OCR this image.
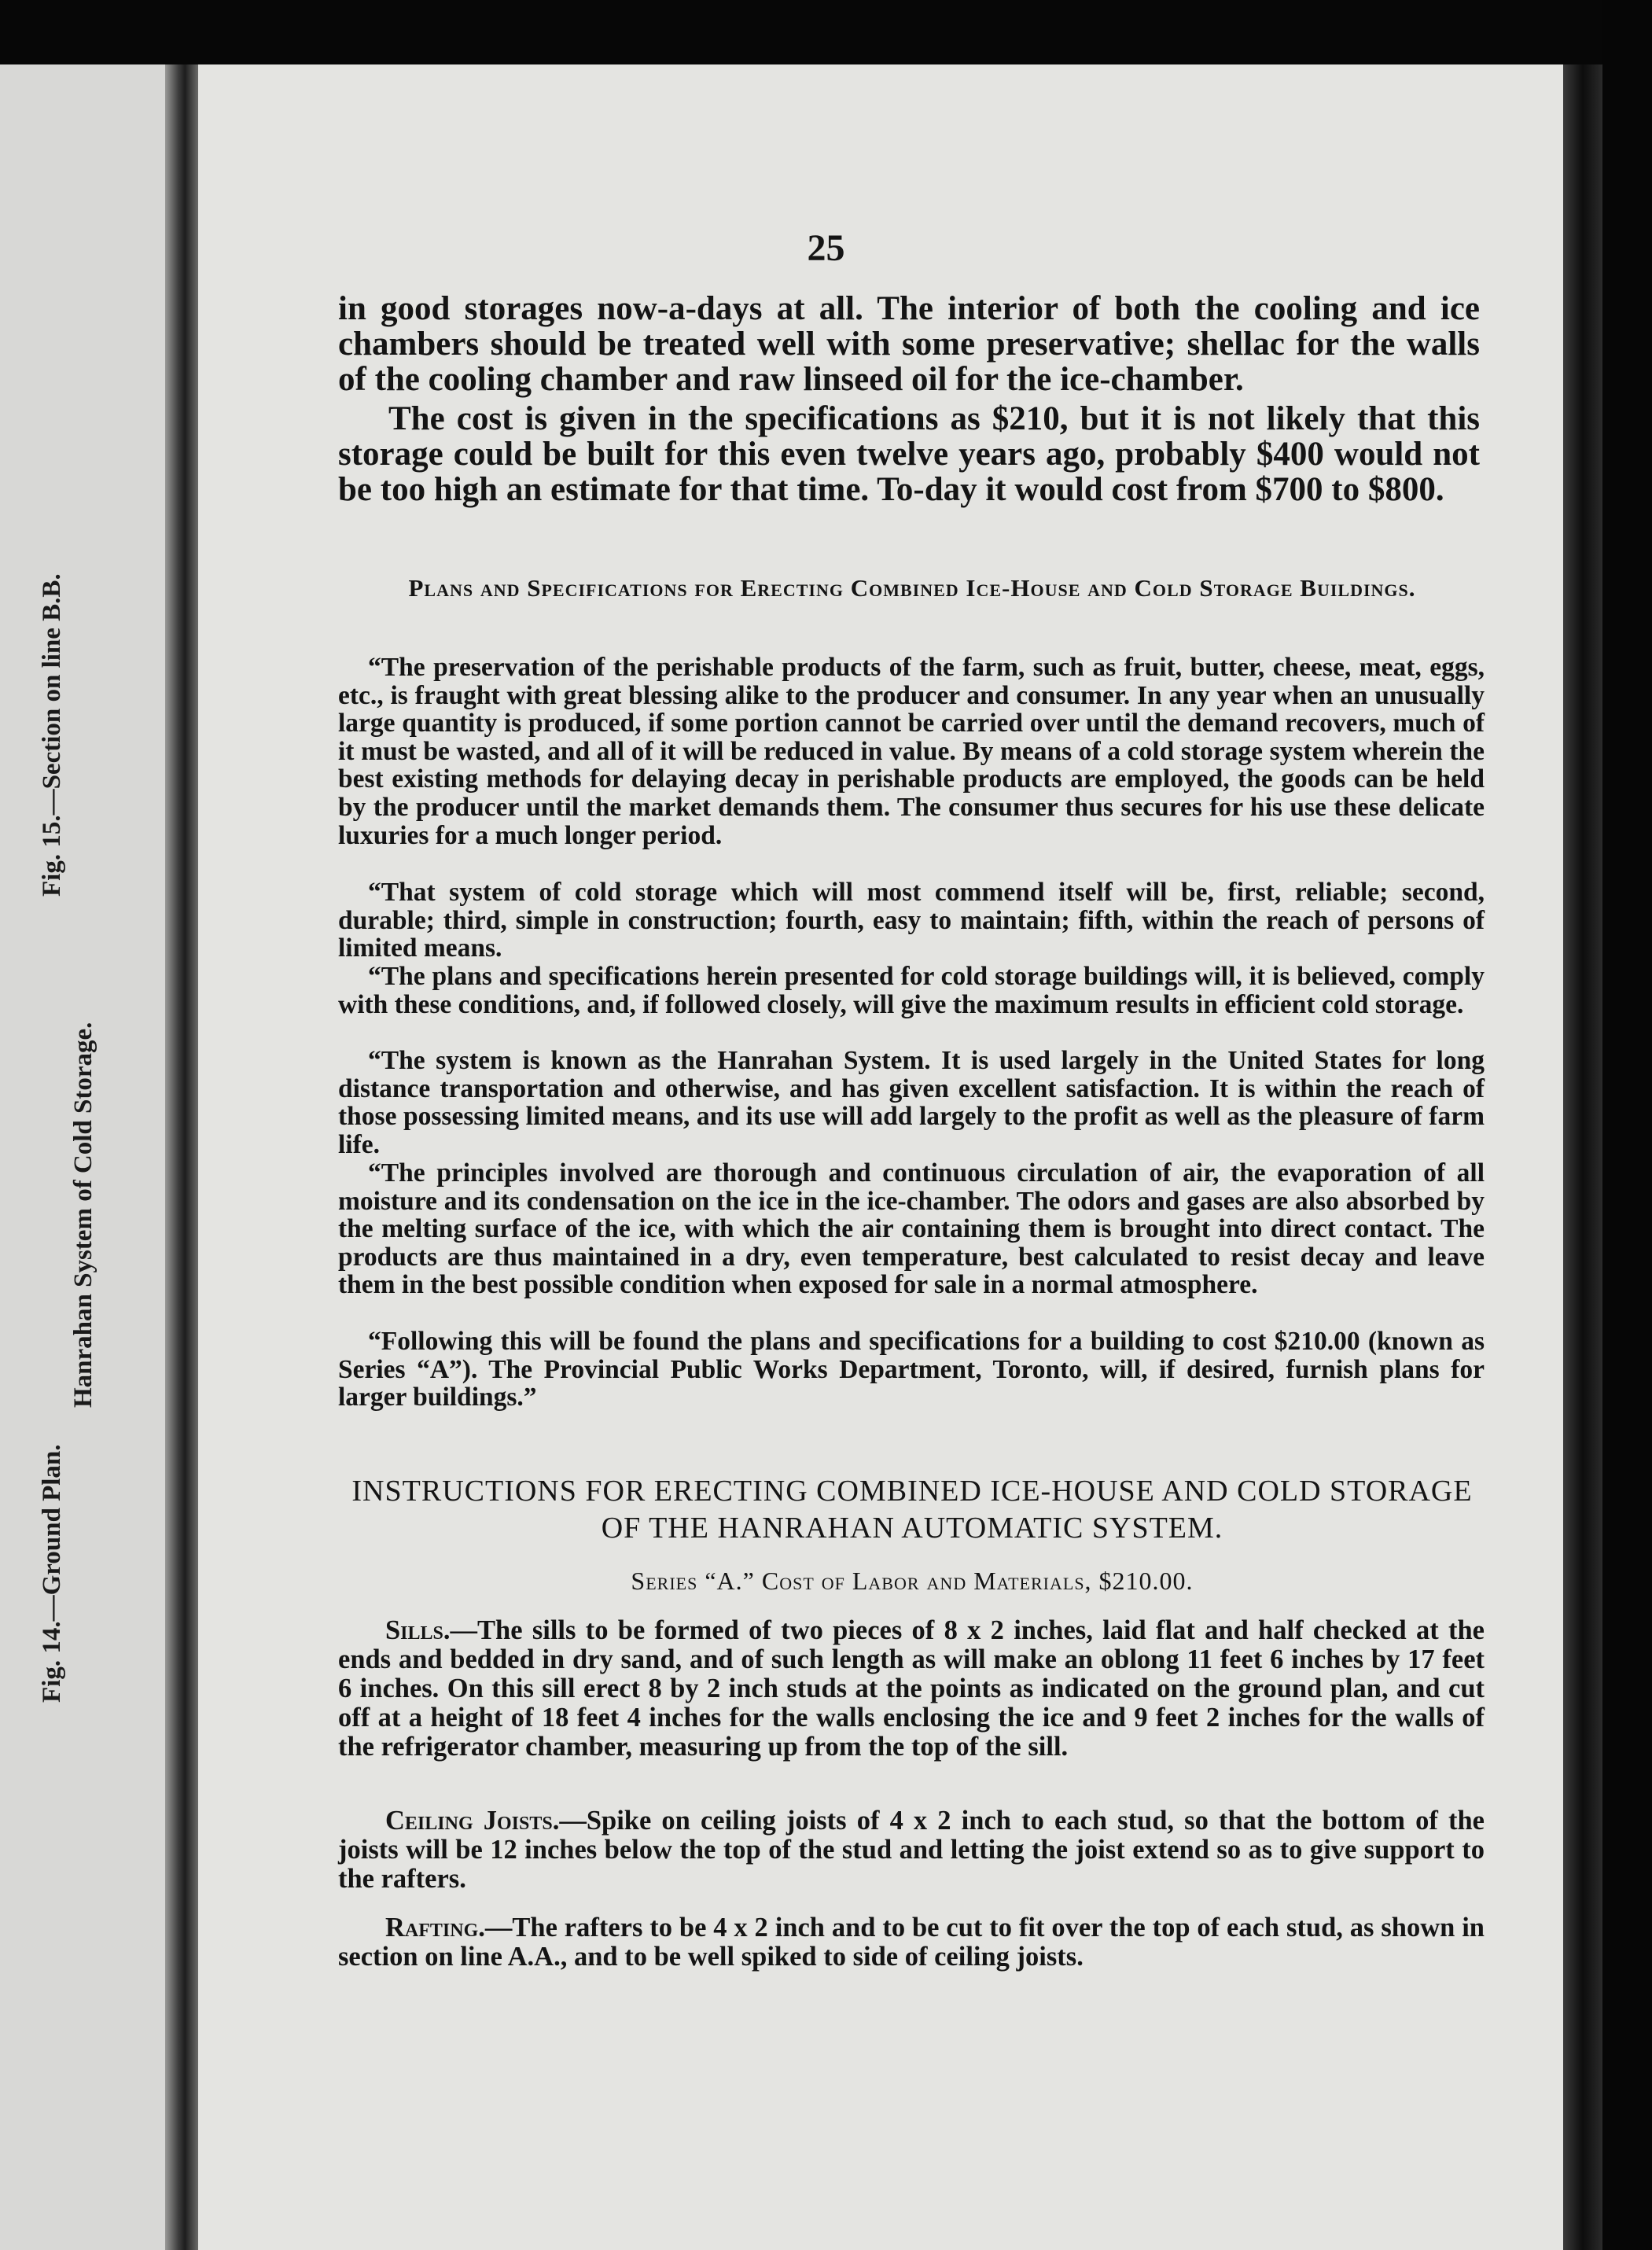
Fig. 14.—Ground Plan.
Hanrahan System of Cold Storage.
Fig. 15.—Section on line B.B.
25

in good storages now-a-days at all. The interior of both the cooling and ice chambers should be treated well with some preservative; shellac for the walls of the cooling chamber and raw linseed oil for the ice-chamber.

The cost is given in the specifications as $210, but it is not likely that this storage could be built for this even twelve years ago, probably $400 would not be too high an estimate for that time. To-day it would cost from $700 to $800.

Plans and Specifications for Erecting Combined Ice-House and Cold Storage Buildings.

“The preservation of the perishable products of the farm, such as fruit, butter, cheese, meat, eggs, etc., is fraught with great blessing alike to the producer and consumer. In any year when an unusually large quantity is produced, if some portion cannot be carried over until the demand recovers, much of it must be wasted, and all of it will be reduced in value. By means of a cold storage system wherein the best existing methods for delaying decay in perishable products are employed, the goods can be held by the producer until the market demands them. The consumer thus secures for his use these delicate luxuries for a much longer period.

“That system of cold storage which will most commend itself will be, first, reliable; second, durable; third, simple in construction; fourth, easy to maintain; fifth, within the reach of persons of limited means.

“The plans and specifications herein presented for cold storage buildings will, it is believed, comply with these conditions, and, if followed closely, will give the maximum results in efficient cold storage.

“The system is known as the Hanrahan System. It is used largely in the United States for long distance transportation and otherwise, and has given excellent satisfaction. It is within the reach of those possessing limited means, and its use will add largely to the profit as well as the pleasure of farm life.

“The principles involved are thorough and continuous circulation of air, the evaporation of all moisture and its condensation on the ice in the ice-chamber. The odors and gases are also absorbed by the melting surface of the ice, with which the air containing them is brought into direct contact. The products are thus maintained in a dry, even temperature, best calculated to resist decay and leave them in the best possible condition when exposed for sale in a normal atmosphere.

“Following this will be found the plans and specifications for a building to cost $210.00 (known as Series “A”). The Provincial Public Works Department, Toronto, will, if desired, furnish plans for larger buildings.”

INSTRUCTIONS FOR ERECTING COMBINED ICE-HOUSE AND COLD STORAGE OF THE HANRAHAN AUTOMATIC SYSTEM.

Series “A.” Cost of Labor and Materials, $210.00.

Sills.—The sills to be formed of two pieces of 8 x 2 inches, laid flat and half checked at the ends and bedded in dry sand, and of such length as will make an oblong 11 feet 6 inches by 17 feet 6 inches. On this sill erect 8 by 2 inch studs at the points as indicated on the ground plan, and cut off at a height of 18 feet 4 inches for the walls enclosing the ice and 9 feet 2 inches for the walls of the refrigerator chamber, measuring up from the top of the sill.

Ceiling Joists.—Spike on ceiling joists of 4 x 2 inch to each stud, so that the bottom of the joists will be 12 inches below the top of the stud and letting the joist extend so as to give support to the rafters.

Rafting.—The rafters to be 4 x 2 inch and to be cut to fit over the top of each stud, as shown in section on line A.A., and to be well spiked to side of ceiling joists.
